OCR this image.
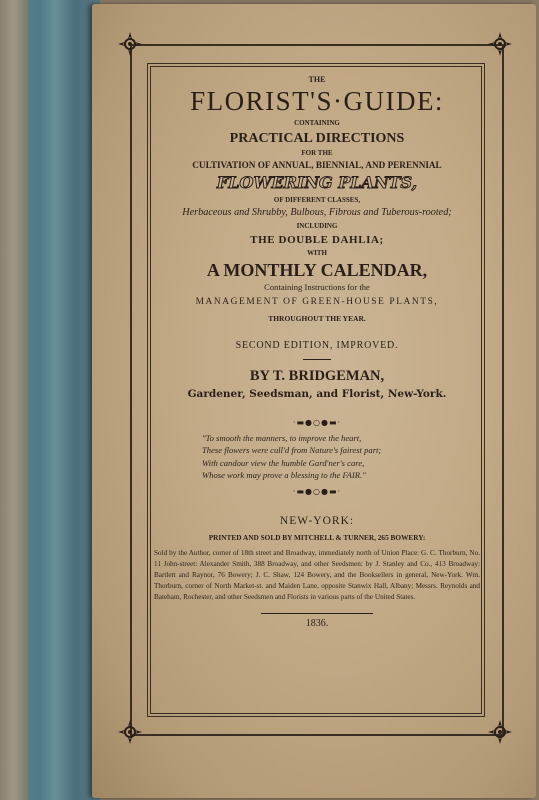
THE

FLORIST'S·GUIDE:

CONTAINING

PRACTICAL DIRECTIONS

FOR THE

CULTIVATION OF ANNUAL, BIENNIAL, AND PERENNIAL

FLOWERING PLANTS,

OF DIFFERENT CLASSES,

Herbaceous and Shrubby, Bulbous, Fibrous and Tuberous-rooted;

INCLUDING

THE DOUBLE DAHLIA;

WITH

A MONTHLY CALENDAR,

Containing Instructions for the

MANAGEMENT OF GREEN-HOUSE PLANTS,

THROUGHOUT THE YEAR.

SECOND EDITION, IMPROVED.

BY T. BRIDGEMAN,

Gardener, Seedsman, and Florist, New-York.

·▬●○●▬·

"To smooth the manners, to improve the heart,
These flowers were cull'd from Nature's fairest part;
With candour view the humble Gard'ner's care,
Whose work may prove a blessing to the FAIR."

·▬●○●▬·

NEW-YORK:

PRINTED AND SOLD BY MITCHELL & TURNER, 265 BOWERY:

Sold by the Author, corner of 18th street and Broadway, immediately north of Union Place: G. C. Thorburn, No. 11 John-street: Alexander Smith, 388 Broadway, and other Seedsmen: by J. Stanley and Co., 413 Broadway: Bartlett and Raynor, 76 Bowery; J. C. Shaw, 124 Bowery, and the Booksellers in general, New-York. Wm. Thorburn, corner of North Market-st. and Maiden Lane, opposite Stanwix Hall, Albany; Messrs. Reynolds and Bateham, Rochester, and other Seedsmen and Florists in various parts of the United States.

1836.
